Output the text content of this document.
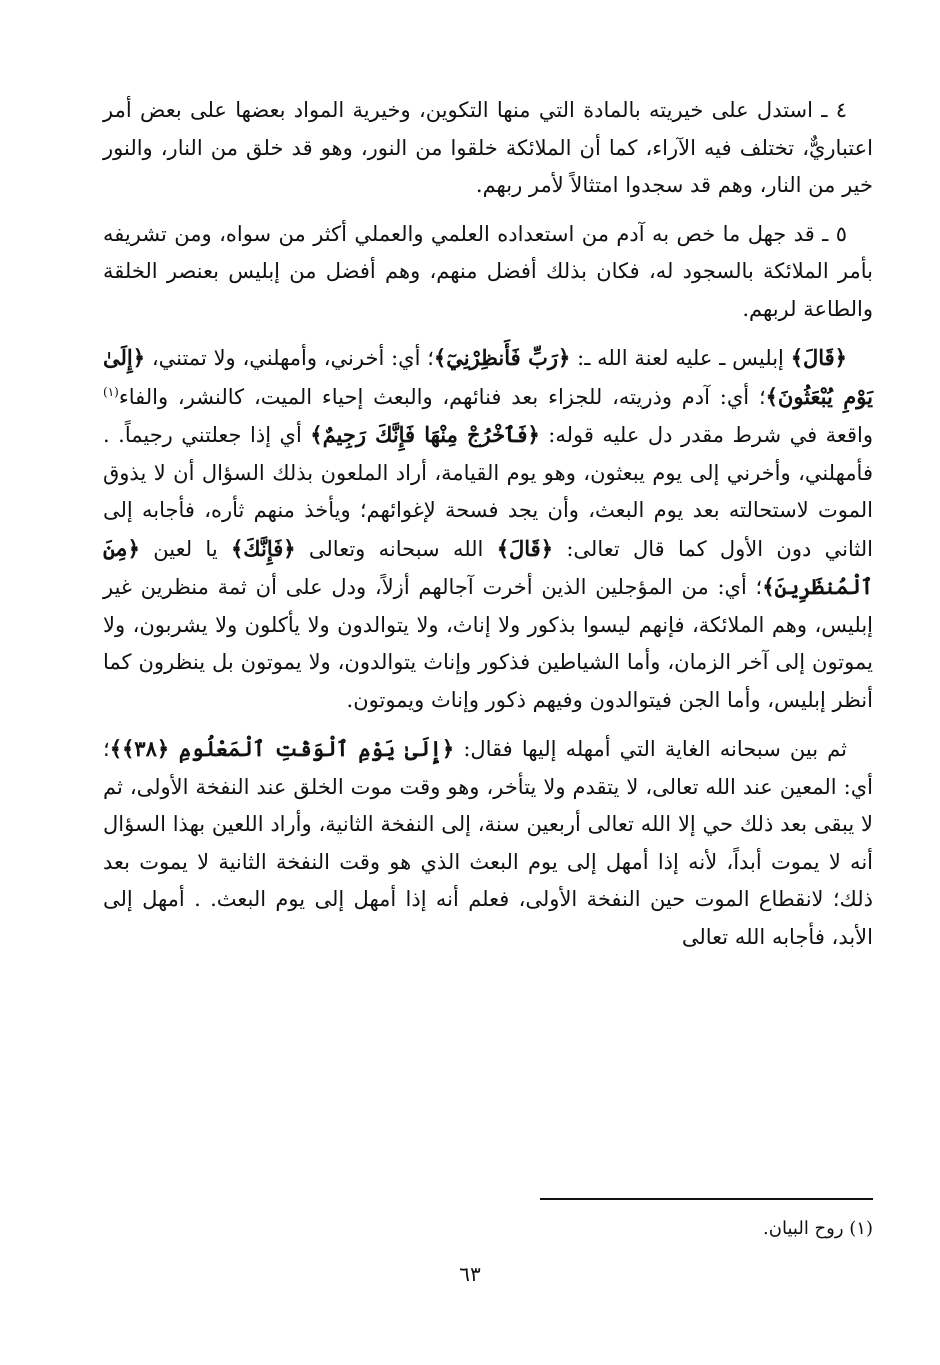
٤ ـ استدل على خيريته بالمادة التي منها التكوين، وخيرية المواد بعضها على بعض أمر اعتباريٌّ، تختلف فيه الآراء، كما أن الملائكة خلقوا من النور، وهو قد خلق من النار، والنور خير من النار، وهم قد سجدوا امتثالاً لأمر ربهم.

٥ ـ قد جهل ما خص به آدم من استعداده العلمي والعملي أكثر من سواه، ومن تشريفه بأمر الملائكة بالسجود له، فكان بذلك أفضل منهم، وهم أفضل من إبليس بعنصر الخلقة والطاعة لربهم.

﴿قَالَ﴾ إبليس ـ عليه لعنة الله ـ: ﴿رَبِّ فَأَنظِرْنِيٓ﴾؛ أي: أخرني، وأمهلني، ولا تمتني، ﴿إِلَىٰ يَوْمِ يُبْعَثُونَ﴾؛ أي: آدم وذريته، للجزاء بعد فنائهم، والبعث إحياء الميت، كالنشر، والفاء$^{(١)}$ واقعة في شرط مقدر دل عليه قوله: ﴿فَٱخْرُجْ مِنْهَا فَإِنَّكَ رَجِيمٌ﴾ أي إذا جعلتني رجيماً. . فأمهلني، وأخرني إلى يوم يبعثون، وهو يوم القيامة، أراد الملعون بذلك السؤال أن لا يذوق الموت لاستحالته بعد يوم البعث، وأن يجد فسحة لإغوائهم؛ ويأخذ منهم ثأره، فأجابه إلى الثاني دون الأول كما قال تعالى: ﴿قَالَ﴾ الله سبحانه وتعالى ﴿فَإِنَّكَ﴾ يا لعين ﴿مِنَ ٱلْمُنظَرِينَ﴾؛ أي: من المؤجلين الذين أخرت آجالهم أزلاً، ودل على أن ثمة منظرين غير إبليس، وهم الملائكة، فإنهم ليسوا بذكور ولا إناث، ولا يتوالدون ولا يأكلون ولا يشربون، ولا يموتون إلى آخر الزمان، وأما الشياطين فذكور وإناث يتوالدون، ولا يموتون بل ينظرون كما أنظر إبليس، وأما الجن فيتوالدون وفيهم ذكور وإناث ويموتون.

ثم بين سبحانه الغاية التي أمهله إليها فقال: ﴿إِلَىٰ يَوْمِ ٱلْوَقْتِ ٱلْمَعْلُومِ ﴿٣٨﴾﴾؛ أي: المعين عند الله تعالى، لا يتقدم ولا يتأخر، وهو وقت موت الخلق عند النفخة الأولى، ثم لا يبقى بعد ذلك حي إلا الله تعالى أربعين سنة، إلى النفخة الثانية، وأراد اللعين بهذا السؤال أنه لا يموت أبداً، لأنه إذا أمهل إلى يوم البعث الذي هو وقت النفخة الثانية لا يموت بعد ذلك؛ لانقطاع الموت حين النفخة الأولى، فعلم أنه إذا أمهل إلى يوم البعث. . أمهل إلى الأبد، فأجابه الله تعالى

(١) روح البيان.
٦٣
